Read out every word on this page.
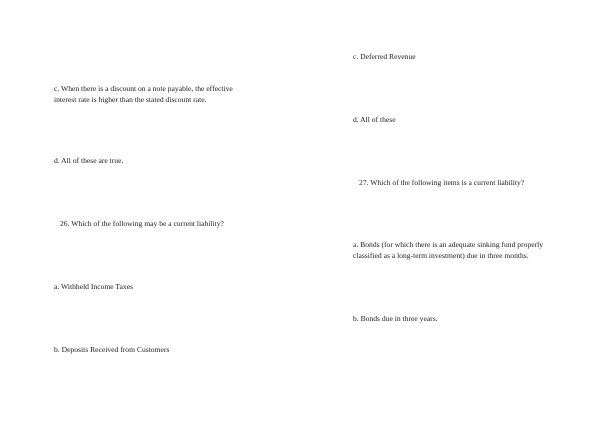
c. When there is a discount on a note payable, the effective
interest rate is higher than the stated discount rate.
d. All of these are true.
26. Which of the following may be a current liability?
a. Withheld Income Taxes
b. Deposits Received from Customers
c. Deferred Revenue
d. All of these
27. Which of the following items is a current liability?
a. Bonds (for which there is an adequate sinking fund properly
classified as a long-term investment) due in three months.
b. Bonds due in three years.
